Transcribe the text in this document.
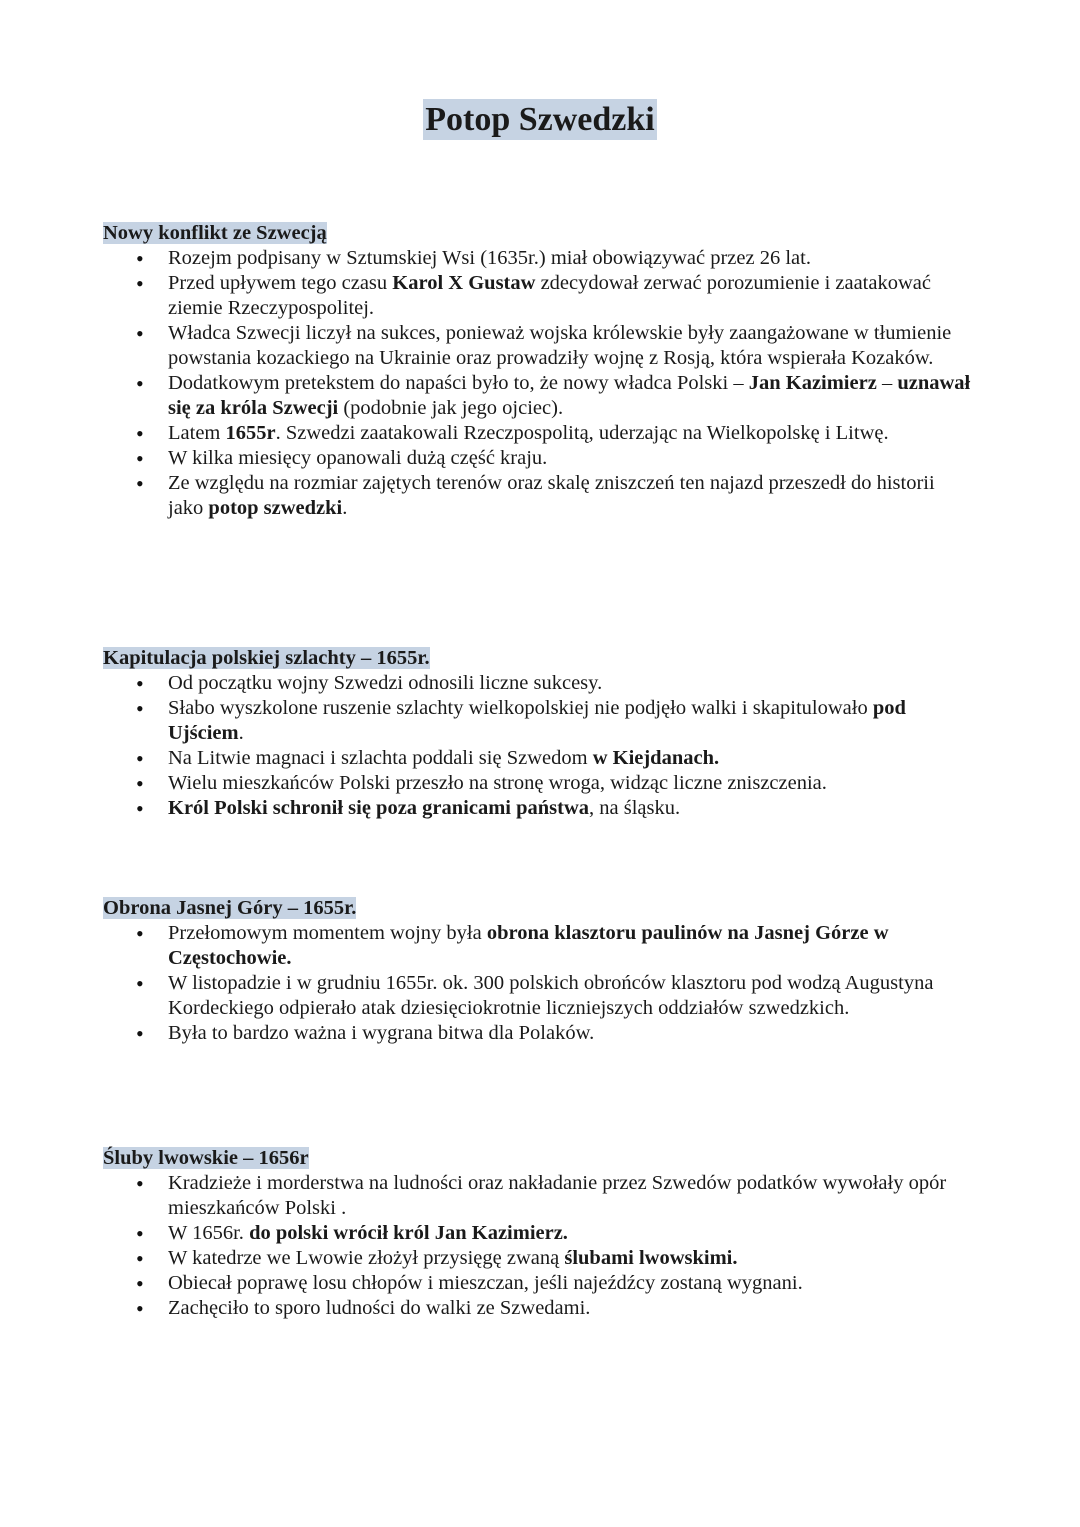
Potop Szwedzki
Nowy konflikt ze Szwecją
• Rozejm podpisany w Sztumskiej Wsi (1635r.) miał obowiązywać przez 26 lat.
• Przed upływem tego czasu Karol X Gustaw zdecydował zerwać porozumienie i zaatakować ziemie Rzeczypospolitej.
• Władca Szwecji liczył na sukces, ponieważ wojska królewskie były zaangażowane w tłumienie powstania kozackiego na Ukrainie oraz prowadziły wojnę z Rosją, która wspierała Kozaków.
• Dodatkowym pretekstem do napaści było to, że nowy władca Polski – Jan Kazimierz – uznawał się za króla Szwecji (podobnie jak jego ojciec).
• Latem 1655r. Szwedzi zaatakowali Rzeczpospolitą, uderzając na Wielkopolskę i Litwę.
• W kilka miesięcy opanowali dużą część kraju.
• Ze względu na rozmiar zajętych terenów oraz skalę zniszczeń ten najazd przeszedł do historii jako potop szwedzki.
Kapitulacja polskiej szlachty – 1655r.
• Od początku wojny Szwedzi odnosili liczne sukcesy.
• Słabo wyszkolone ruszenie szlachty wielkopolskiej nie podjęło walki i skapitulowało pod Ujściem.
• Na Litwie magnaci i szlachta poddali się Szwedom w Kiejdanach.
• Wielu mieszkańców Polski przeszło na stronę wroga, widząc liczne zniszczenia.
• Król Polski schronił się poza granicami państwa, na śląsku.
Obrona Jasnej Góry – 1655r.
• Przełomowym momentem wojny była obrona klasztoru paulinów na Jasnej Górze w Częstochowie.
• W listopadzie i w grudniu 1655r. ok. 300 polskich obrońców klasztoru pod wodzą Augustyna Kordeckiego odpierało atak dziesięciokrotnie liczniejszych oddziałów szwedzkich.
• Była to bardzo ważna i wygrana bitwa dla Polaków.
Śluby lwowskie – 1656r
• Kradzieże i morderstwa na ludności oraz nakładanie przez Szwedów podatków wywołały opór mieszkańców Polski .
• W 1656r. do polski wrócił król Jan Kazimierz.
• W katedrze we Lwowie złożył przysięgę zwaną ślubami lwowskimi.
• Obiecał poprawę losu chłopów i mieszczan, jeśli najeźdźcy zostaną wygnani.
• Zachęciło to sporo ludności do walki ze Szwedami.
